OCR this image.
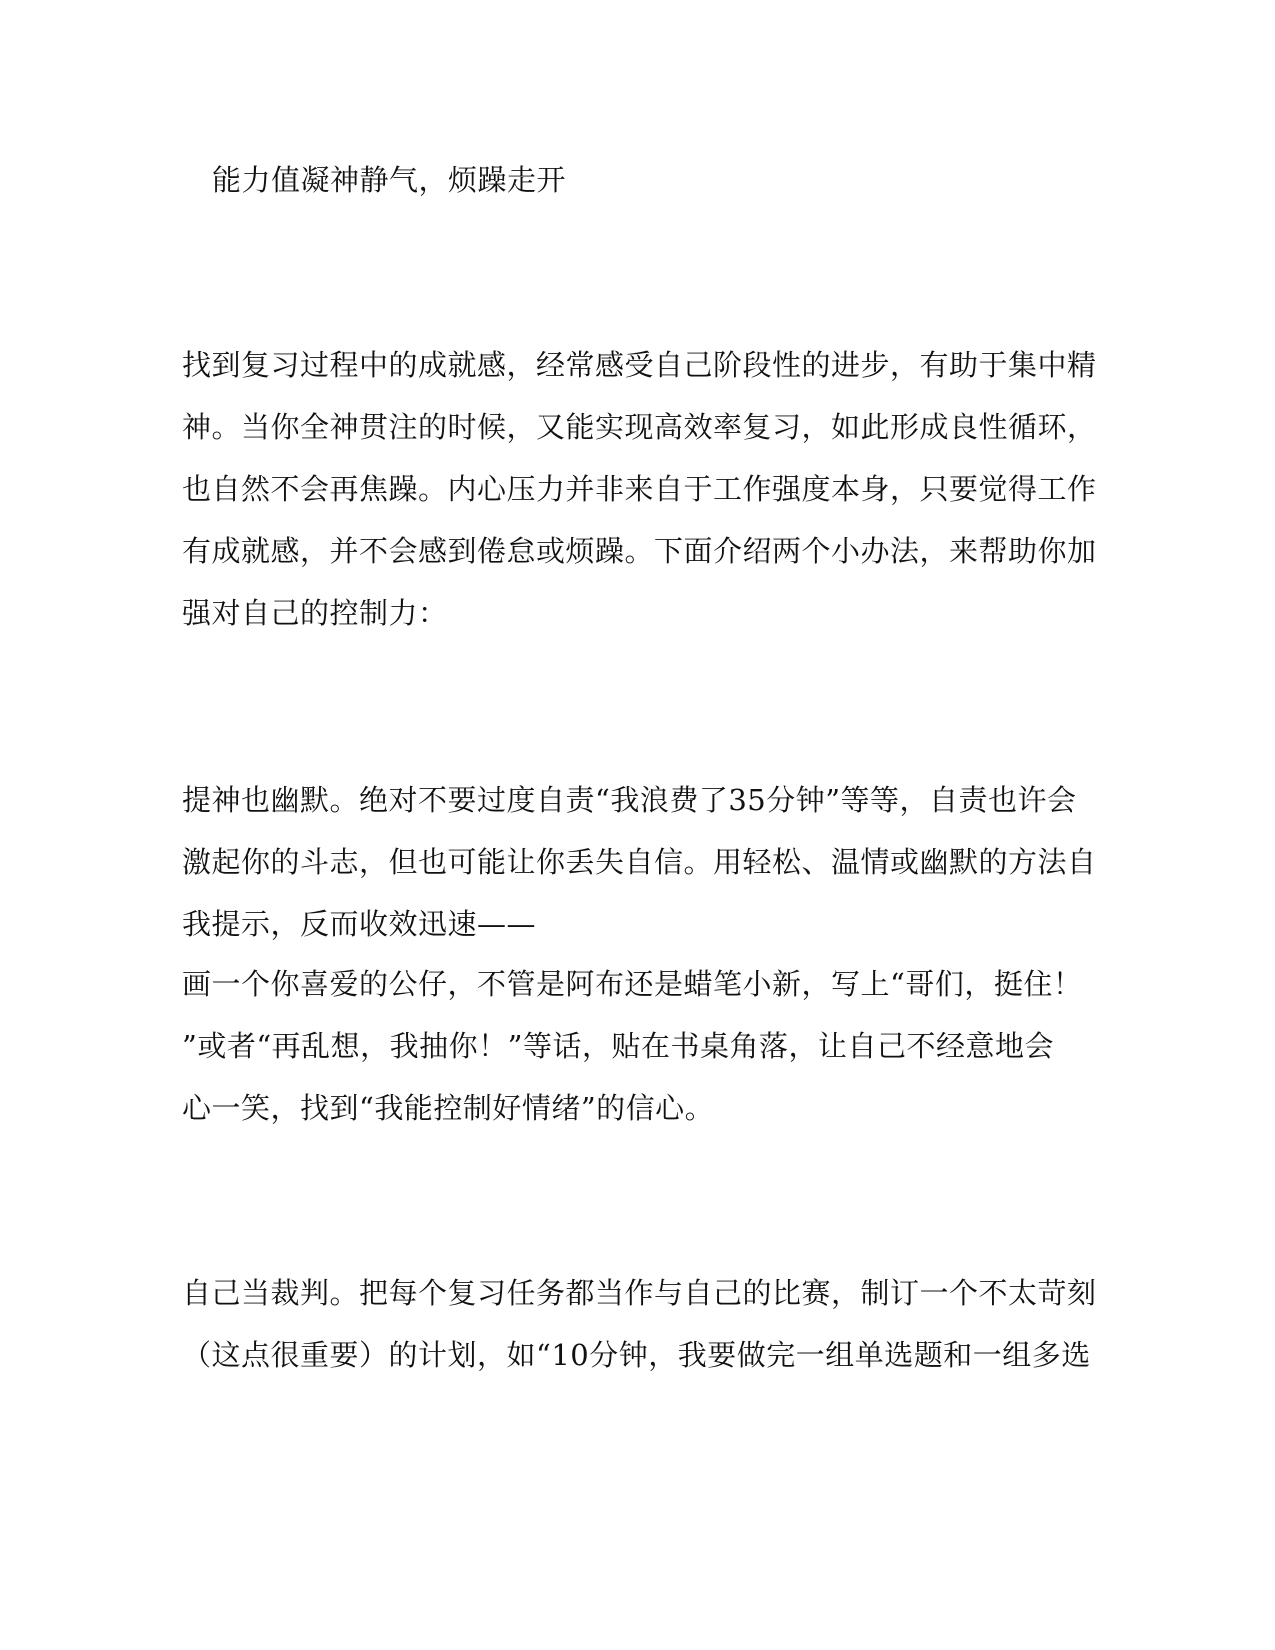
能力值凝神静气，烦躁走开
找到复习过程中的成就感，经常感受自己阶段性的进步，有助于集中精
神。当你全神贯注的时候，又能实现高效率复习，如此形成良性循环，
也自然不会再焦躁。内心压力并非来自于工作强度本身，只要觉得工作
有成就感，并不会感到倦怠或烦躁。下面介绍两个小办法，来帮助你加
强对自己的控制力：
提神也幽默。绝对不要过度自责“我浪费了35分钟”等等，自责也许会
激起你的斗志，但也可能让你丢失自信。用轻松、温情或幽默的方法自
我提示，反而收效迅速——
画一个你喜爱的公仔，不管是阿布还是蜡笔小新，写上“哥们，挺住！
”或者“再乱想，我抽你！”等话，贴在书桌角落，让自己不经意地会
心一笑，找到“我能控制好情绪”的信心。
自己当裁判。把每个复习任务都当作与自己的比赛，制订一个不太苛刻
（这点很重要）的计划，如“10分钟，我要做完一组单选题和一组多选
